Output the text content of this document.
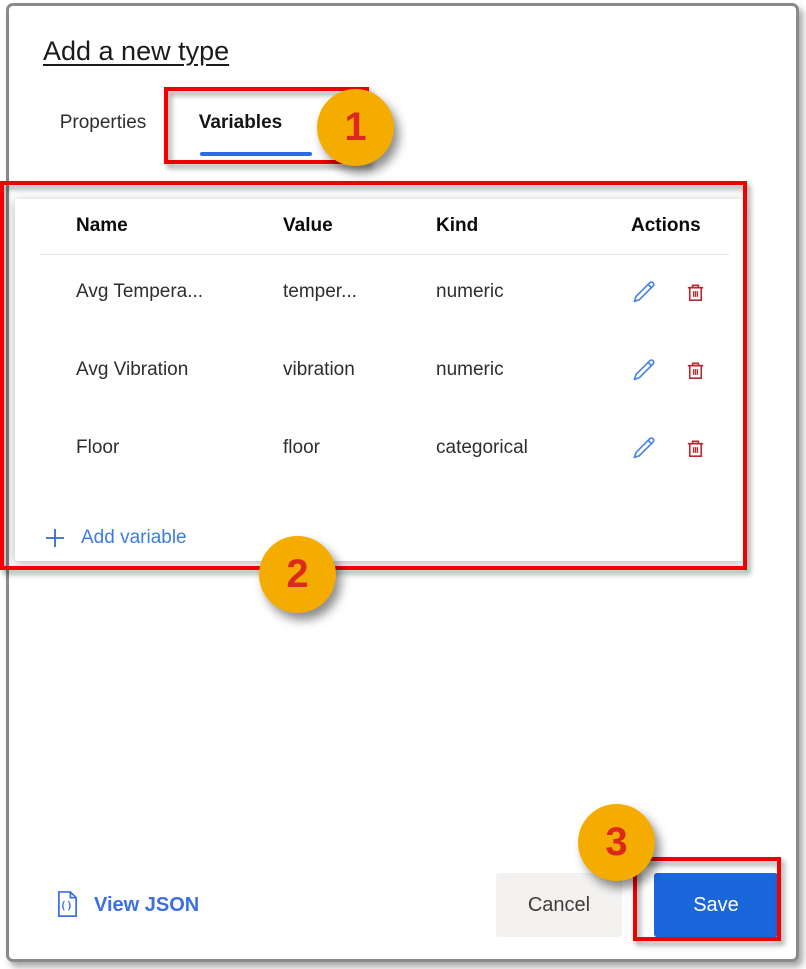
Add a new type
Properties	Variables
Name	Value	Kind	Actions
Avg Tempera...	temper...	numeric
Avg Vibration	vibration	numeric
Floor	floor	categorical
Add variable
() View JSON	Cancel	Save
1
2
3
